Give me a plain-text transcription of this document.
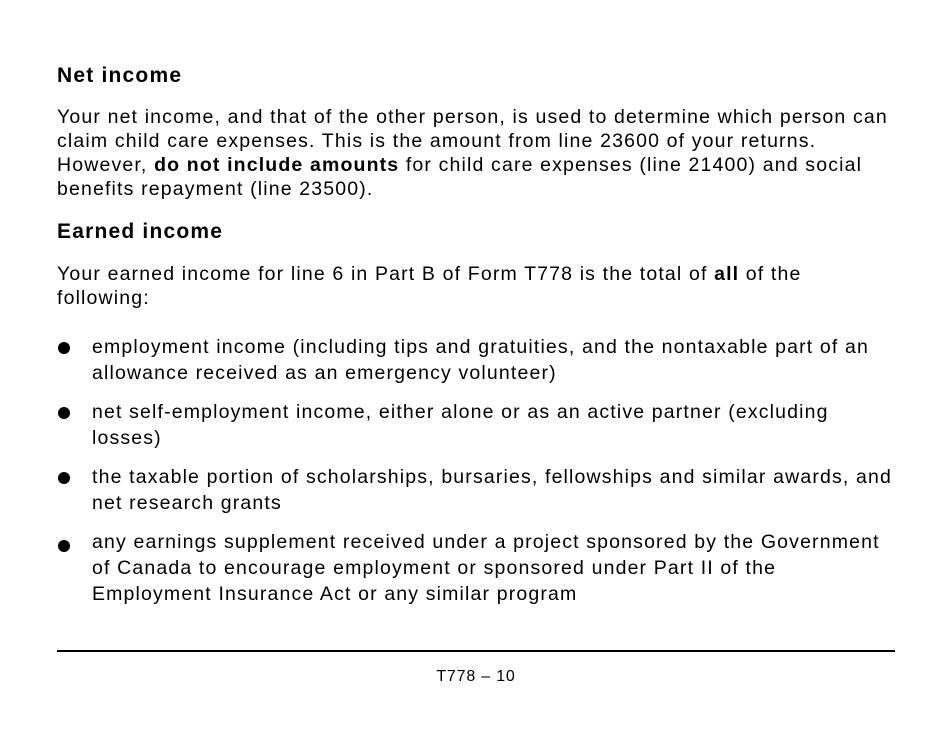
Net income

Your net income, and that of the other person, is used to determine which person can claim child care expenses. This is the amount from line 23600 of your returns. However, do not include amounts for child care expenses (line 21400) and social benefits repayment (line 23500).

Earned income

Your earned income for line 6 in Part B of Form T778 is the total of all of the following:

employment income (including tips and gratuities, and the nontaxable part of an allowance received as an emergency volunteer)
net self-employment income, either alone or as an active partner (excluding losses)
the taxable portion of scholarships, bursaries, fellowships and similar awards, and net research grants
any earnings supplement received under a project sponsored by the Government of Canada to encourage employment or sponsored under Part II of the Employment Insurance Act or any similar program
T778 – 10
